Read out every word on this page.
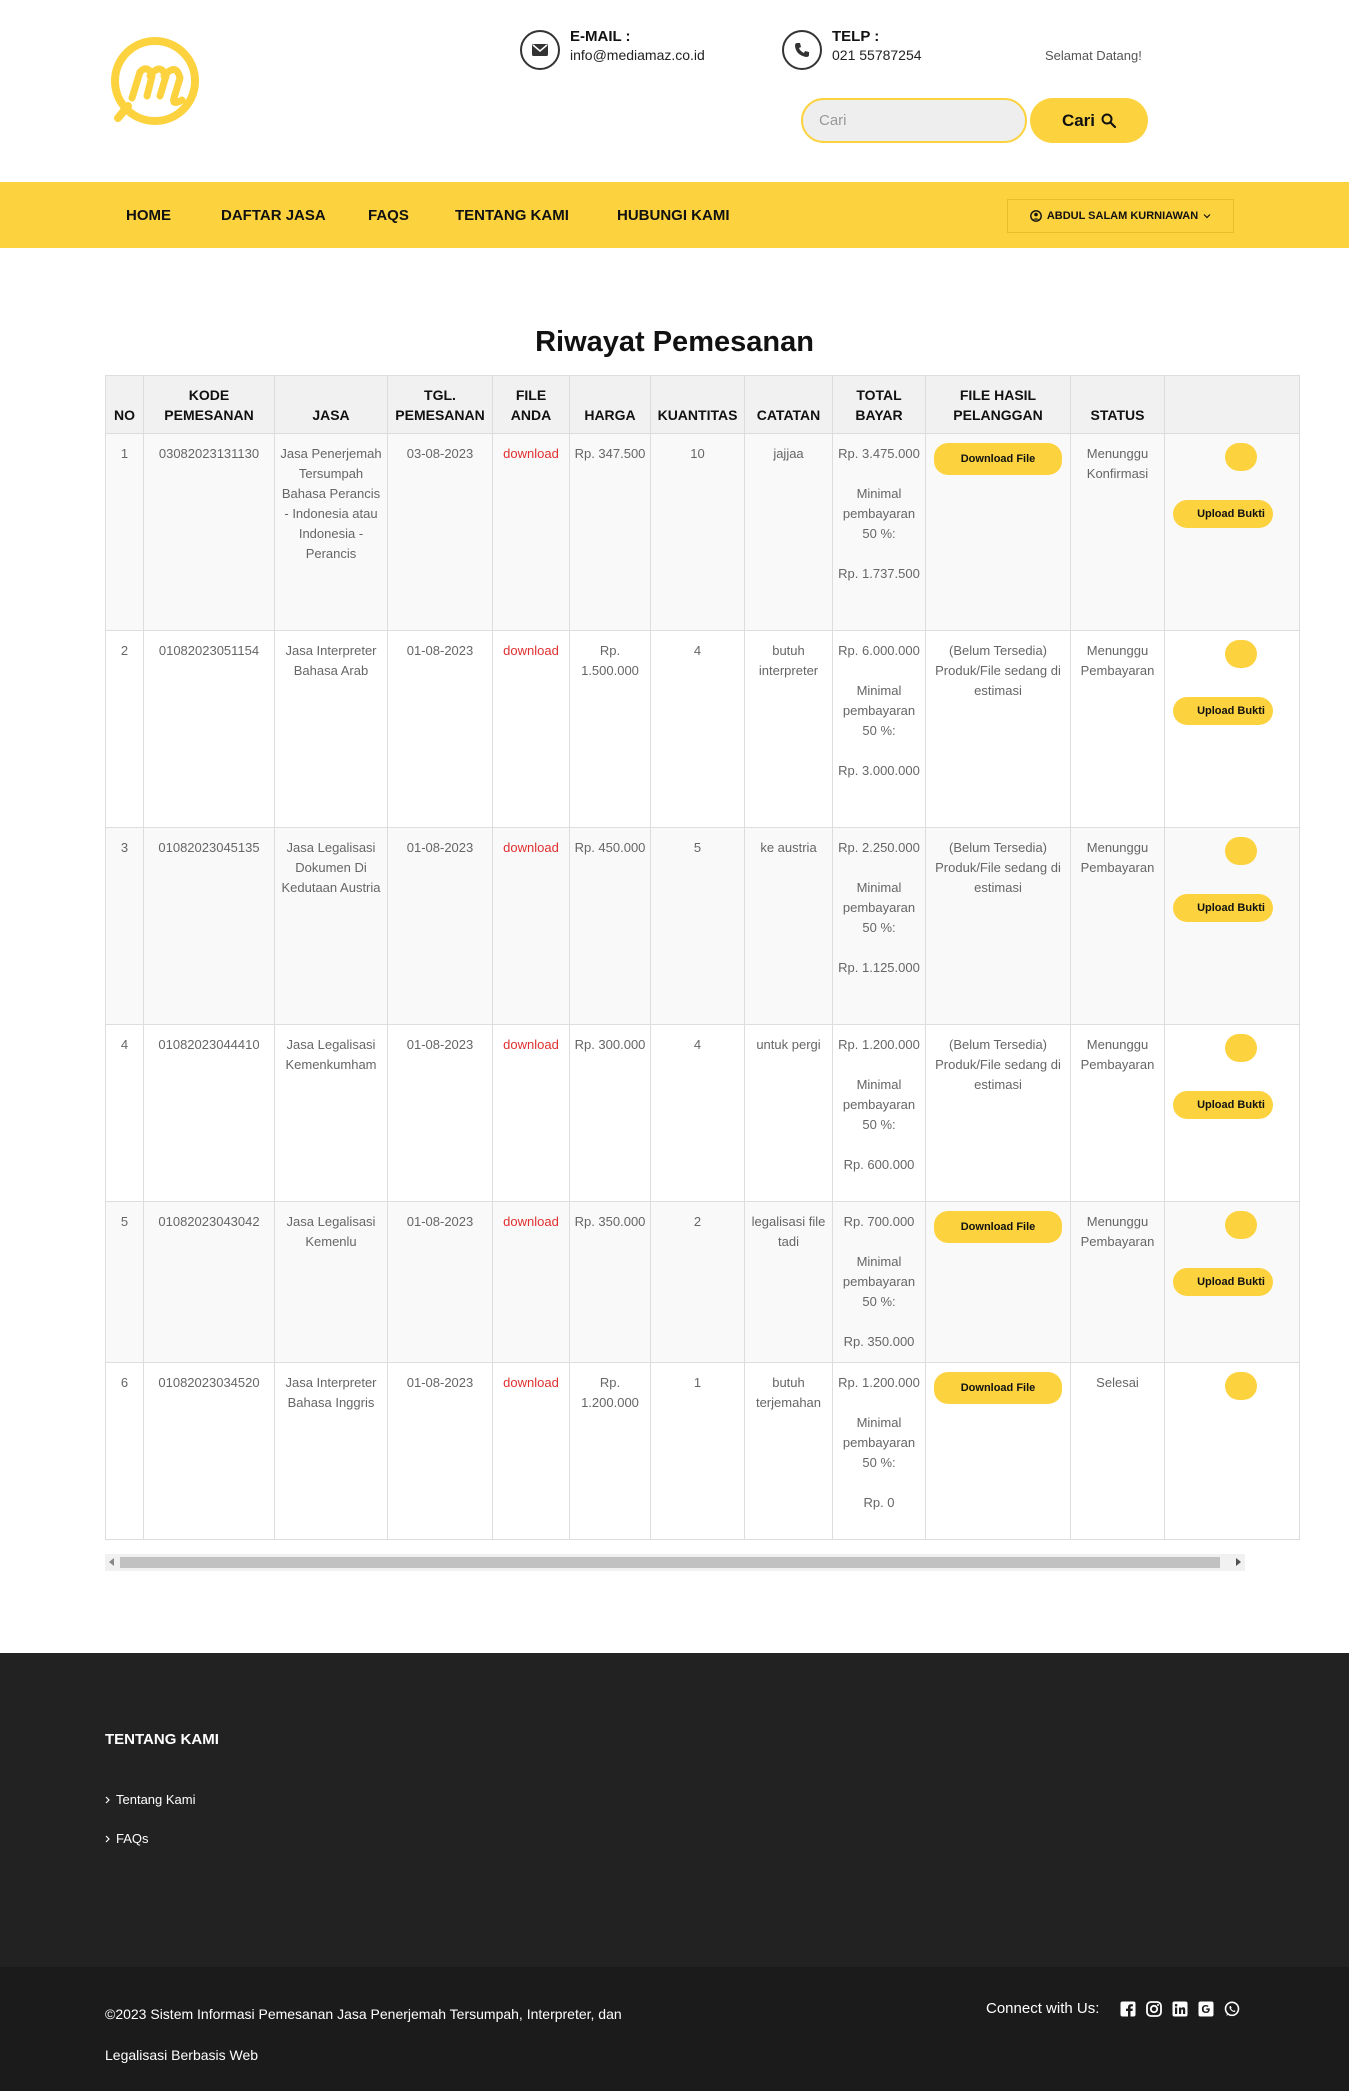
E-MAIL :
info@mediamaz.co.id
TELP :
021 55787254	Selamat Datang!
Cari
Cari
HOME	DAFTAR JASA	FAQS	TENTANG KAMI	HUBUNGI KAMI	ABDUL SALAM KURNIAWAN
Riwayat Pemesanan
NO	KODE PEMESANAN	JASA	TGL. PEMESANAN	FILE ANDA	HARGA	KUANTITAS	CATATAN	TOTAL BAYAR	FILE HASIL PELANGGAN	STATUS	
1	03082023131130	Jasa Penerjemah Tersumpah Bahasa Perancis - Indonesia atau Indonesia - Perancis	03-08-2023	download	Rp. 347.500	10	jajjaa	Rp. 3.475.000
Minimal pembayaran 50 %:
Rp. 1.737.500	Download File	Menunggu Konfirmasi	Upload Bukti

2	01082023051154	Jasa Interpreter Bahasa Arab	01-08-2023	download	Rp. 1.500.000	4	butuh interpreter	Rp. 6.000.000
Minimal pembayaran 50 %:
Rp. 3.000.000	(Belum Tersedia) Produk/File sedang di estimasi	Menunggu Pembayaran	Upload Bukti

3	01082023045135	Jasa Legalisasi Dokumen Di Kedutaan Austria	01-08-2023	download	Rp. 450.000	5	ke austria	Rp. 2.250.000
Minimal pembayaran 50 %:
Rp. 1.125.000	(Belum Tersedia) Produk/File sedang di estimasi	Menunggu Pembayaran	Upload Bukti

4	01082023044410	Jasa Legalisasi Kemenkumham	01-08-2023	download	Rp. 300.000	4	untuk pergi	Rp. 1.200.000
Minimal pembayaran 50 %:
Rp. 600.000	(Belum Tersedia) Produk/File sedang di estimasi	Menunggu Pembayaran	Upload Bukti

5	01082023043042	Jasa Legalisasi Kemenlu	01-08-2023	download	Rp. 350.000	2	legalisasi file tadi	Rp. 700.000
Minimal pembayaran 50 %:
Rp. 350.000	Download File	Menunggu Pembayaran	Upload Bukti

6	01082023034520	Jasa Interpreter Bahasa Inggris	01-08-2023	download	Rp. 1.200.000	1	butuh terjemahan	Rp. 1.200.000
Minimal pembayaran 50 %:
Rp. 0	Download File	Selesai	
TENTANG KAMI
Tentang Kami
FAQs
©2023 Sistem Informasi Pemesanan Jasa Penerjemah Tersumpah, Interpreter, dan Legalisasi Berbasis Web
Connect with Us:
